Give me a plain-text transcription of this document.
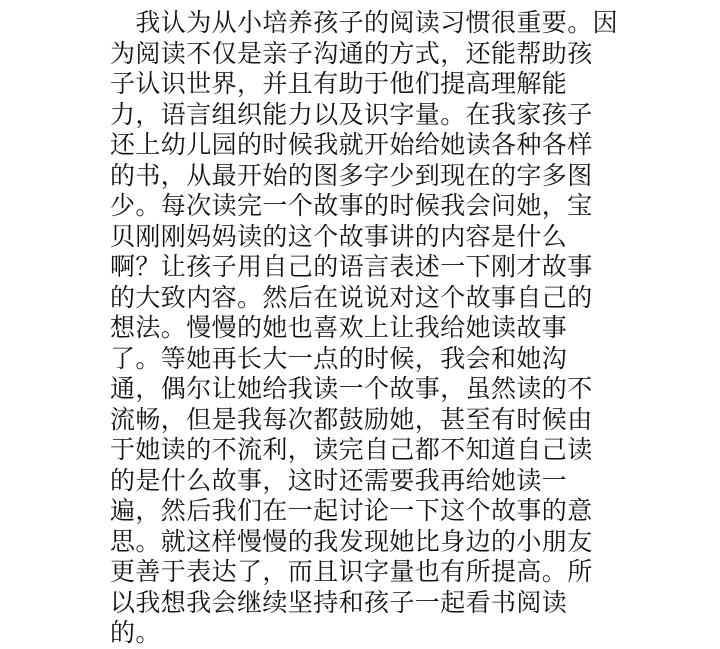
　我认为从小培养孩子的阅读习惯很重要。因
为阅读不仅是亲子沟通的方式，还能帮助孩
子认识世界，并且有助于他们提高理解能
力，语言组织能力以及识字量。在我家孩子
还上幼儿园的时候我就开始给她读各种各样
的书，从最开始的图多字少到现在的字多图
少。每次读完一个故事的时候我会问她，宝
贝刚刚妈妈读的这个故事讲的内容是什么
啊？让孩子用自己的语言表述一下刚才故事
的大致内容。然后在说说对这个故事自己的
想法。慢慢的她也喜欢上让我给她读故事
了。等她再长大一点的时候，我会和她沟
通，偶尔让她给我读一个故事，虽然读的不
流畅，但是我每次都鼓励她，甚至有时候由
于她读的不流利，读完自己都不知道自己读
的是什么故事，这时还需要我再给她读一
遍，然后我们在一起讨论一下这个故事的意
思。就这样慢慢的我发现她比身边的小朋友
更善于表达了，而且识字量也有所提高。所
以我想我会继续坚持和孩子一起看书阅读
的。
